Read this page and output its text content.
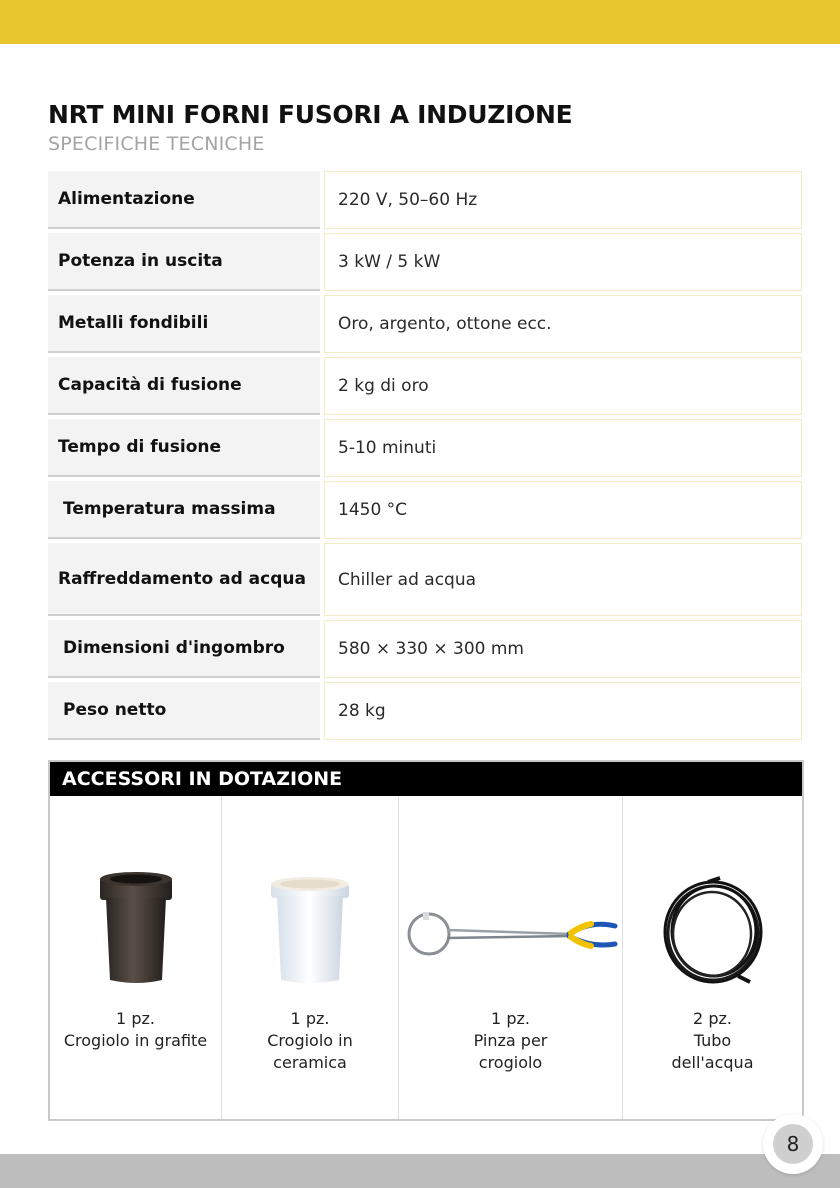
NRT MINI FORNI FUSORI A INDUZIONE
SPECIFICHE TECNICHE
Alimentazione	220 V, 50–60 Hz
Potenza in uscita	3 kW / 5 kW
Metalli fondibili	Oro, argento, ottone ecc.
Capacità di fusione	2 kg di oro
Tempo di fusione	5-10 minuti
Temperatura massima	1450 °C
Raffreddamento ad acqua	Chiller ad acqua
Dimensioni d'ingombro	580 × 330 × 300 mm
Peso netto	28 kg
ACCESSORI IN DOTAZIONE
1 pz.
Crogiolo in grafite
1 pz.
Crogiolo in ceramica
1 pz.
Pinza per crogiolo
2 pz.
Tubo dell'acqua
8
